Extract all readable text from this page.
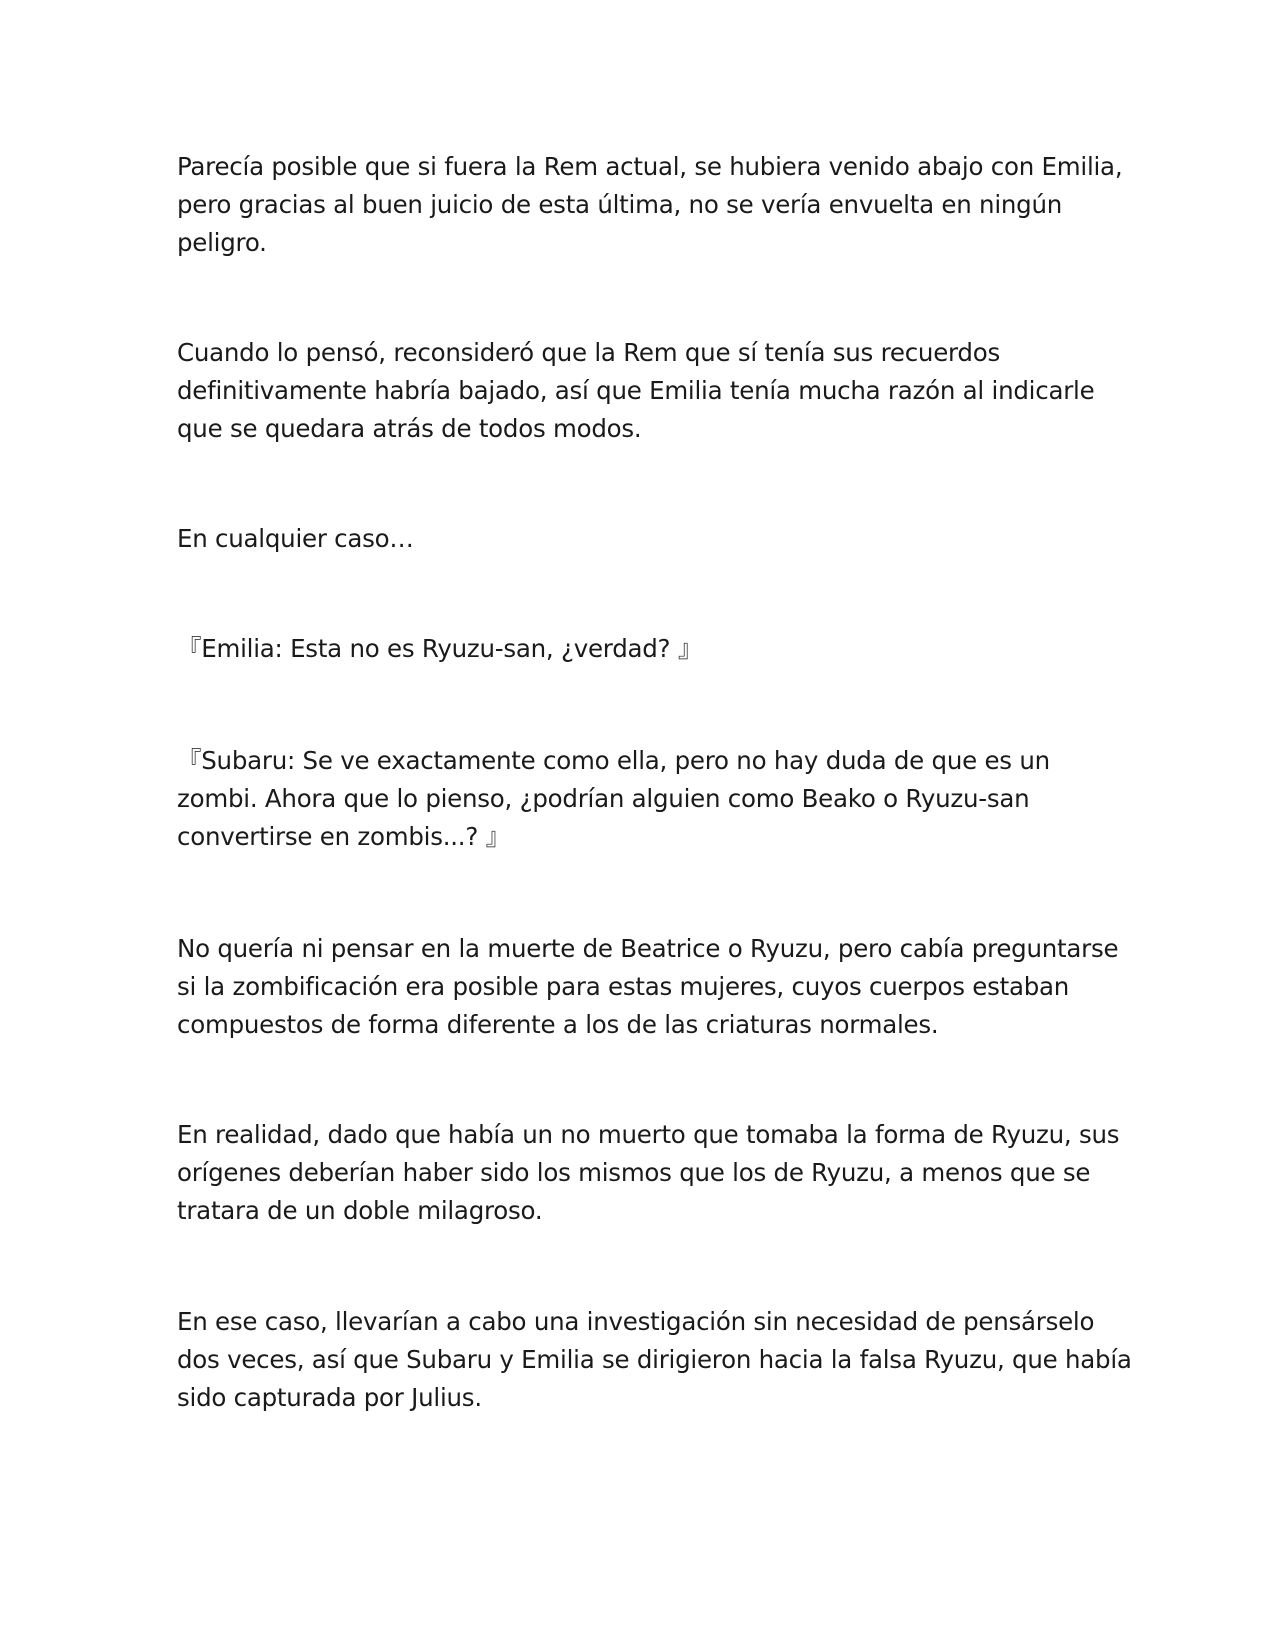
Parecía posible que si fuera la Rem actual, se hubiera venido abajo con Emilia,
pero gracias al buen juicio de esta última, no se vería envuelta en ningún
peligro.

Cuando lo pensó, reconsideró que la Rem que sí tenía sus recuerdos
definitivamente habría bajado, así que Emilia tenía mucha razón al indicarle
que se quedara atrás de todos modos.

En cualquier caso…

『Emilia: Esta no es Ryuzu-san, ¿verdad? 』

『Subaru: Se ve exactamente como ella, pero no hay duda de que es un
zombi. Ahora que lo pienso, ¿podrían alguien como Beako o Ryuzu-san
convertirse en zombis...? 』

No quería ni pensar en la muerte de Beatrice o Ryuzu, pero cabía preguntarse
si la zombificación era posible para estas mujeres, cuyos cuerpos estaban
compuestos de forma diferente a los de las criaturas normales.

En realidad, dado que había un no muerto que tomaba la forma de Ryuzu, sus
orígenes deberían haber sido los mismos que los de Ryuzu, a menos que se
tratara de un doble milagroso.

En ese caso, llevarían a cabo una investigación sin necesidad de pensárselo
dos veces, así que Subaru y Emilia se dirigieron hacia la falsa Ryuzu, que había
sido capturada por Julius.
